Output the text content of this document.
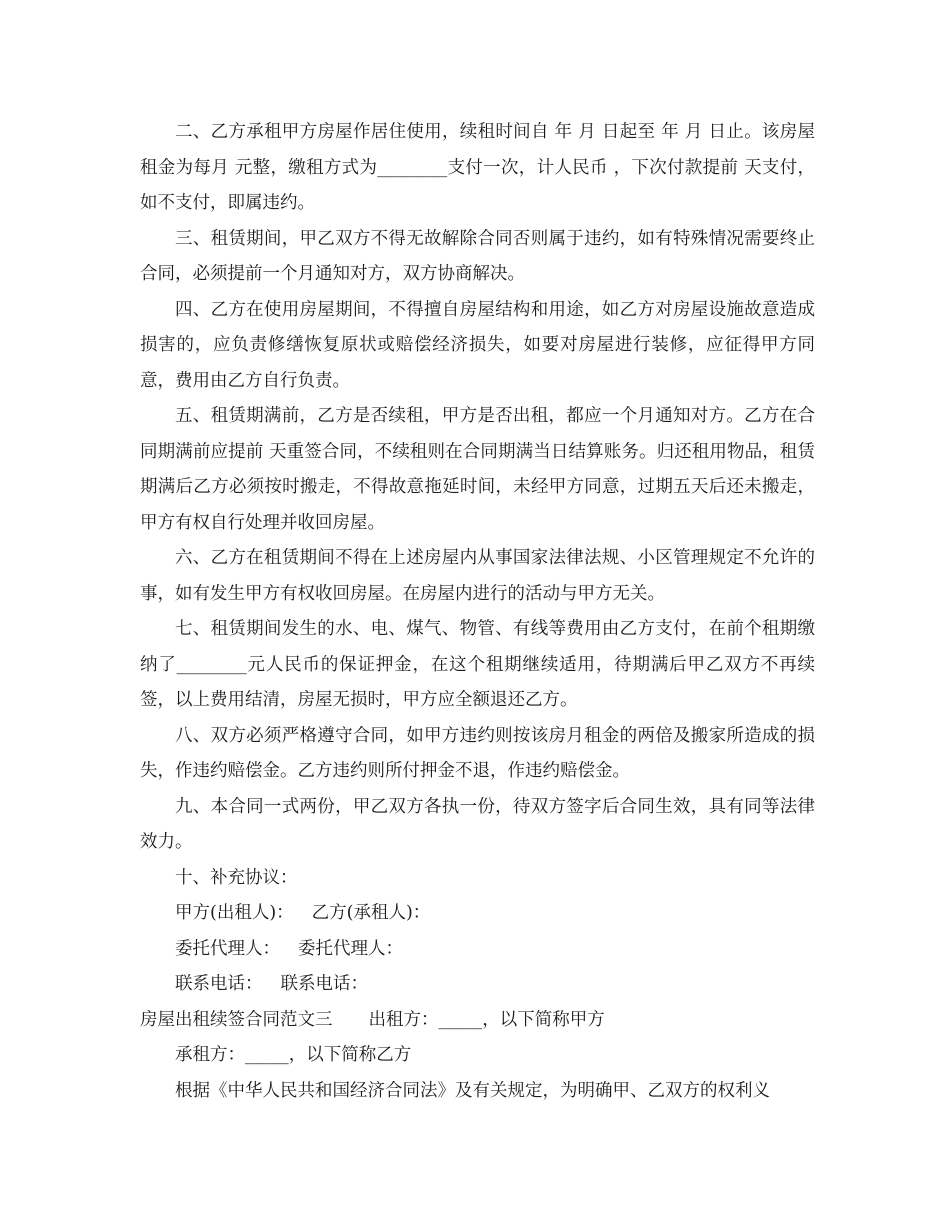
二、乙方承租甲方房屋作居住使用，续租时间自 年 月 日起至 年 月 日止。该房屋租金为每月 元整，缴租方式为________支付一次，计人民币 ，下次付款提前 天支付，如不支付，即属违约。

三、租赁期间，甲乙双方不得无故解除合同否则属于违约，如有特殊情况需要终止合同，必须提前一个月通知对方，双方协商解决。

四、乙方在使用房屋期间，不得擅自房屋结构和用途，如乙方对房屋设施故意造成损害的，应负责修缮恢复原状或赔偿经济损失，如要对房屋进行装修，应征得甲方同意，费用由乙方自行负责。

五、租赁期满前，乙方是否续租，甲方是否出租，都应一个月通知对方。乙方在合同期满前应提前 天重签合同，不续租则在合同期满当日结算账务。归还租用物品，租赁期满后乙方必须按时搬走，不得故意拖延时间，未经甲方同意，过期五天后还未搬走，甲方有权自行处理并收回房屋。

六、乙方在租赁期间不得在上述房屋内从事国家法律法规、小区管理规定不允许的事，如有发生甲方有权收回房屋。在房屋内进行的活动与甲方无关。

七、租赁期间发生的水、电、煤气、物管、有线等费用由乙方支付，在前个租期缴纳了________元人民币的保证押金，在这个租期继续适用，待期满后甲乙双方不再续签，以上费用结清，房屋无损时，甲方应全额退还乙方。

八、双方必须严格遵守合同，如甲方违约则按该房月租金的两倍及搬家所造成的损失，作违约赔偿金。乙方违约则所付押金不退，作违约赔偿金。

九、本合同一式两份，甲乙双方各执一份，待双方签字后合同生效，具有同等法律效力。

十、补充协议：

甲方(出租人)： 乙方(承租人)：

委托代理人： 委托代理人：

联系电话： 联系电话：

房屋出租续签合同范文三 出租方：_____，以下简称甲方

承租方：_____，以下简称乙方

根据《中华人民共和国经济合同法》及有关规定，为明确甲、乙双方的权利义
